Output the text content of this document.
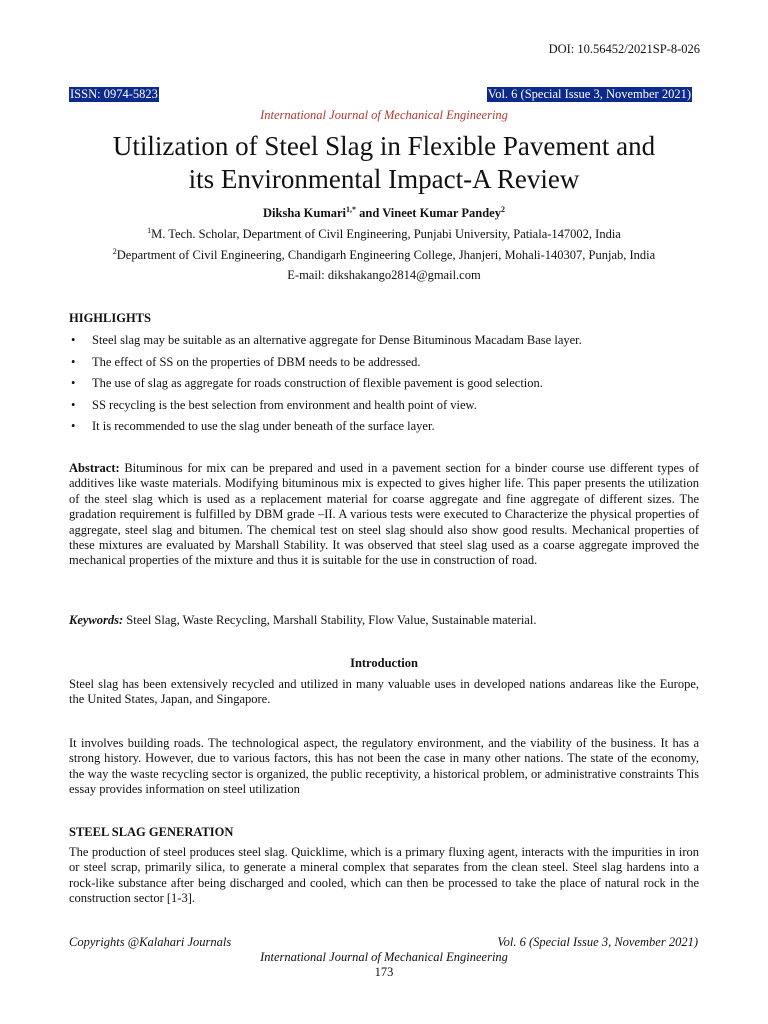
DOI: 10.56452/2021SP-8-026
ISSN: 0974-5823	Vol. 6 (Special Issue 3, November 2021)
International Journal of Mechanical Engineering
Utilization of Steel Slag in Flexible Pavement and
its Environmental Impact-A Review
Diksha Kumari$^{1,*}$ and Vineet Kumar Pandey$^2$
$^1$M. Tech. Scholar, Department of Civil Engineering, Punjabi University, Patiala-147002, India
$^2$Department of Civil Engineering, Chandigarh Engineering College, Jhanjeri, Mohali-140307, Punjab, India
E-mail: dikshakango2814@gmail.com
HIGHLIGHTS
• Steel slag may be suitable as an alternative aggregate for Dense Bituminous Macadam Base layer.
• The effect of SS on the properties of DBM needs to be addressed.
• The use of slag as aggregate for roads construction of flexible pavement is good selection.
• SS recycling is the best selection from environment and health point of view.
• It is recommended to use the slag under beneath of the surface layer.
Abstract: Bituminous for mix can be prepared and used in a pavement section for a binder course use different types of additives like waste materials. Modifying bituminous mix is expected to gives higher life. This paper presents the utilization of the steel slag which is used as a replacement material for coarse aggregate and fine aggregate of different sizes. The gradation requirement is fulfilled by DBM grade –II. A various tests were executed to Characterize the physical properties of aggregate, steel slag and bitumen. The chemical test on steel slag should also show good results. Mechanical properties of these mixtures are evaluated by Marshall Stability. It was observed that steel slag used as a coarse aggregate improved the mechanical properties of the mixture and thus it is suitable for the use in construction of road.
Keywords: Steel Slag, Waste Recycling, Marshall Stability, Flow Value, Sustainable material.
Introduction
Steel slag has been extensively recycled and utilized in many valuable uses in developed nations andareas like the Europe, the United States, Japan, and Singapore.
It involves building roads. The technological aspect, the regulatory environment, and the viability of the business. It has a strong history. However, due to various factors, this has not been the case in many other nations. The state of the economy, the way the waste recycling sector is organized, the public receptivity, a historical problem, or administrative constraints This essay provides information on steel utilization
STEEL SLAG GENERATION
The production of steel produces steel slag. Quicklime, which is a primary fluxing agent, interacts with the impurities in iron or steel scrap, primarily silica, to generate a mineral complex that separates from the clean steel. Steel slag hardens into a rock-like substance after being discharged and cooled, which can then be processed to take the place of natural rock in the construction sector [1-3].
Copyrights @Kalahari Journals	Vol. 6 (Special Issue 3, November 2021)
International Journal of Mechanical Engineering
173
